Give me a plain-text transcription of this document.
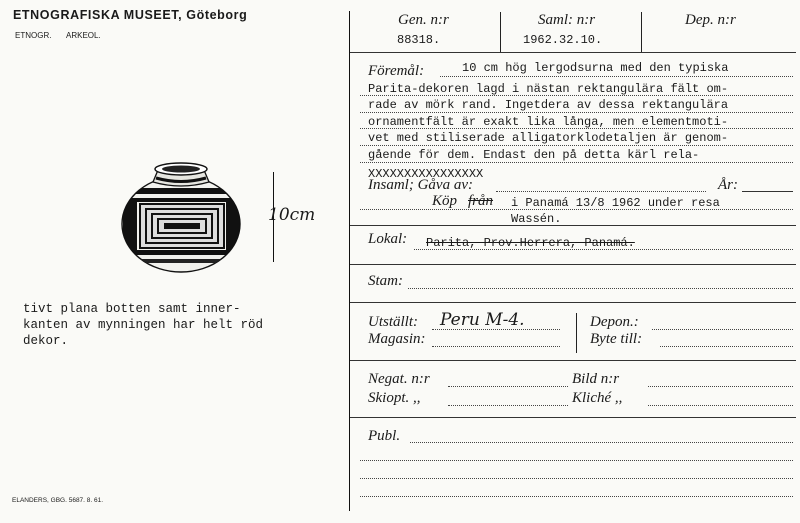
ETNOGRAFISKA MUSEET, Göteborg
ETNOGR. ARKEOL.
10cm
tivt plana botten samt inner-
kanten av mynningen har helt röd
dekor.
ELANDERS, GBG. 5687. 8. 61.
Gen. n:r
88318.
Saml: n:r
1962.32.10.
Dep. n:r
Föremål:	10 cm hög lergodsurna med den typiska
Parita-dekoren lagd i nästan rektangulära fält om-
rade av mörk rand. Ingetdera av dessa rektangulära
ornamentfält är exakt lika långa, men elementmoti-
vet med stiliserade alligatorklodetaljen är genom-
gående för dem. Endast den på detta kärl rela-
XXXXXXXXXXXXXXXX
Insaml; Gåva av:	År:
Köp från i Panamá 13/8 1962 under resa
Wassén.
Lokal: Parita, Prov.Herrera, Panamá.
Stam:
Utställt: Peru M-4.
Magasin:
Depon.:
Byte till:
Negat. n:r	Bild n:r
Skiopt. ,,	Kliché ,,
Publ.
